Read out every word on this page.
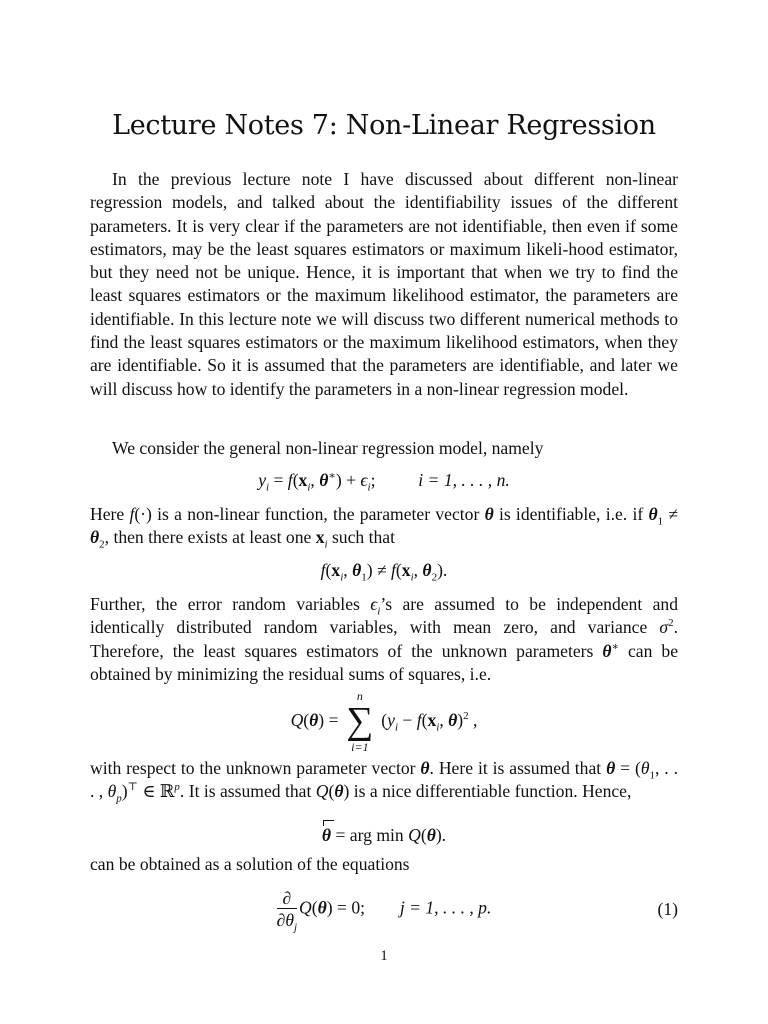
Lecture Notes 7: Non-Linear Regression

In the previous lecture note I have discussed about different non-linear regression models, and talked about the identifiability issues of the different parameters. It is very clear if the parameters are not identifiable, then even if some estimators, may be the least squares estimators or maximum likeli-hood estimator, but they need not be unique. Hence, it is important that when we try to find the least squares estimators or the maximum likelihood estimator, the parameters are identifiable. In this lecture note we will discuss two different numerical methods to find the least squares estimators or the maximum likelihood estimators, when they are identifiable. So it is assumed that the parameters are identifiable, and later we will discuss how to identify the parameters in a non-linear regression model.

We consider the general non-linear regression model, namely

$y_i = f(x_i$, $\theta^∗) + \epsilon_i$;  i = 1, . . . , n.

Here f(·) is a non-linear function, the parameter vector θ is identifiable, i.e. if $\theta_1 \ne \theta_2$, then there exists at least one $x_i$ such that

$f(x_i$, $\theta_1) \ne f(x_i$, $\theta_2$).

Further, the error random variables $\epsilon_i’s$ are assumed to be independent and identically distributed random variables, with mean zero, and variance $\sigma^2$. Therefore, the least squares estimators of the unknown parameters θ∗ can be obtained by minimizing the residual sums of squares, i.e.

Q(θ) =
n
∑
i=1
($y_i - f(x_i$, θ)$^2$ ,

with respect to the unknown parameter vector θ. Here it is assumed that $\theta = (\theta_1$, . . . , $\theta_p)^⊤$ ∈ ℝ$^p$. It is assumed that Q(θ) is a nice differentiable function. Hence,

θ = arg min Q(θ).

can be obtained as a solution of the equations

$\frac{\partial}{\partial\theta_j} Q(\theta) = 0$;  j = 1, . . . , p.	(1)
1
